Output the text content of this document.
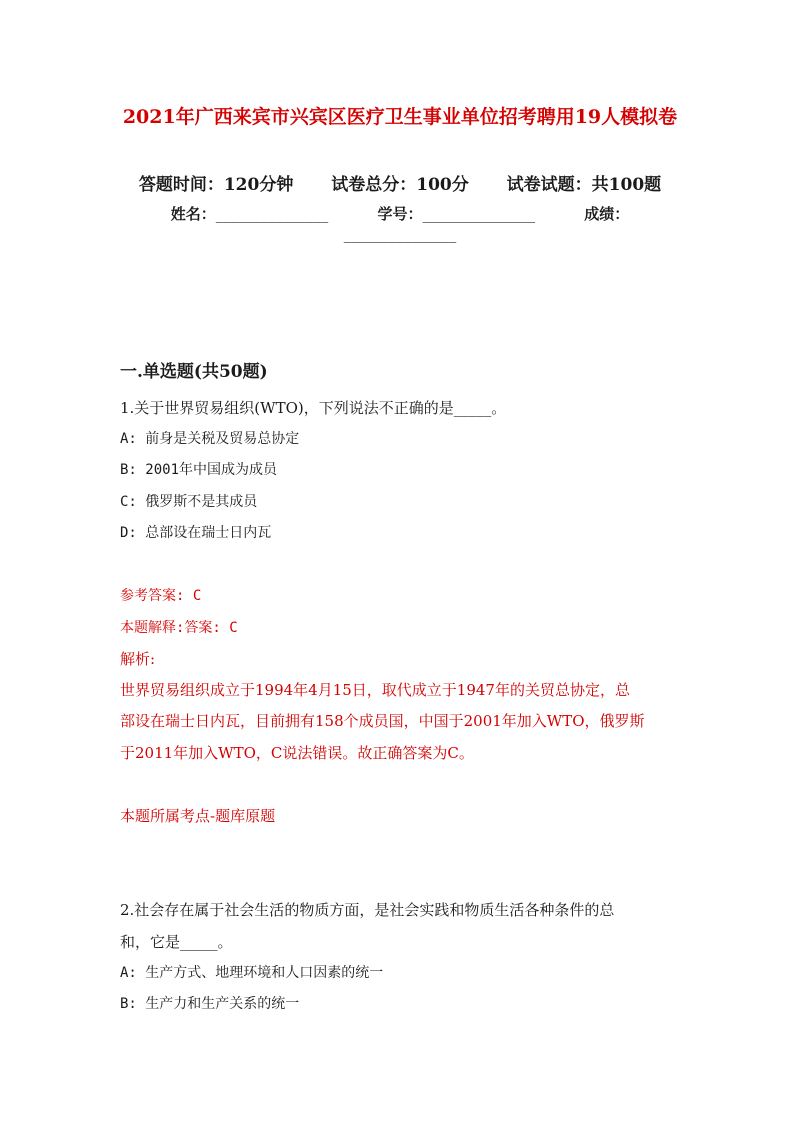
2021年广西来宾市兴宾区医疗卫生事业单位招考聘用19人模拟卷
答题时间：120分钟 试卷总分：100分 试卷试题：共100题
姓名：_______________	学号：_______________	成绩：
_______________
一.单选题(共50题)
1.关于世界贸易组织(WTO)，下列说法不正确的是_____。
A: 前身是关税及贸易总协定
B: 2001年中国成为成员
C: 俄罗斯不是其成员
D: 总部设在瑞士日内瓦
参考答案: C
本题解释:答案: C
解析:
世界贸易组织成立于1994年4月15日，取代成立于1947年的关贸总协定，总
部设在瑞士日内瓦，目前拥有158个成员国，中国于2001年加入WTO，俄罗斯
于2011年加入WTO，C说法错误。故正确答案为C。
本题所属考点-题库原题
2.社会存在属于社会生活的物质方面，是社会实践和物质生活各种条件的总
和，它是_____。
A: 生产方式、地理环境和人口因素的统一
B: 生产力和生产关系的统一
